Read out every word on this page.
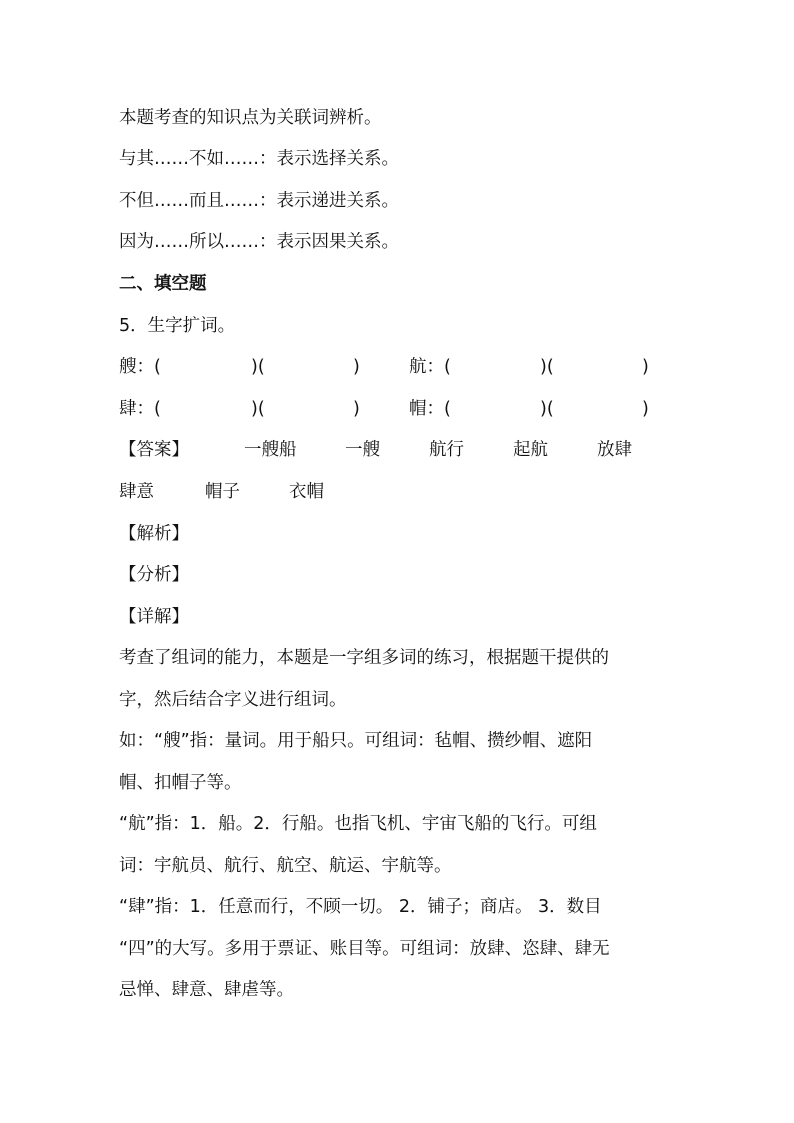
本题考查的知识点为关联词辨析。
与其……不如……：表示选择关系。
不但……而且……：表示递进关系。
因为……所以……：表示因果关系。
二、填空题
5．生字扩词。
艘：(	)(	)	航：(	)(	)
肆：(	)(	)	帽：(	)(	)
【答案】	一艘船	一艘	航行	起航	放肆
肆意	帽子	衣帽
【解析】
【分析】
【详解】
考查了组词的能力，本题是一字组多词的练习，根据题干提供的
字，然后结合字义进行组词。
如：“艘”指：量词。用于船只。可组词：毡帽、攒纱帽、遮阳
帽、扣帽子等。
“航”指：1．船。2．行船。也指飞机、宇宙飞船的飞行。可组
词：宇航员、航行、航空、航运、宇航等。
“肆”指：1．任意而行，不顾一切。 2．铺子；商店。 3．数目
“四”的大写。多用于票证、账目等。可组词：放肆、恣肆、肆无
忌惮、肆意、肆虐等。
